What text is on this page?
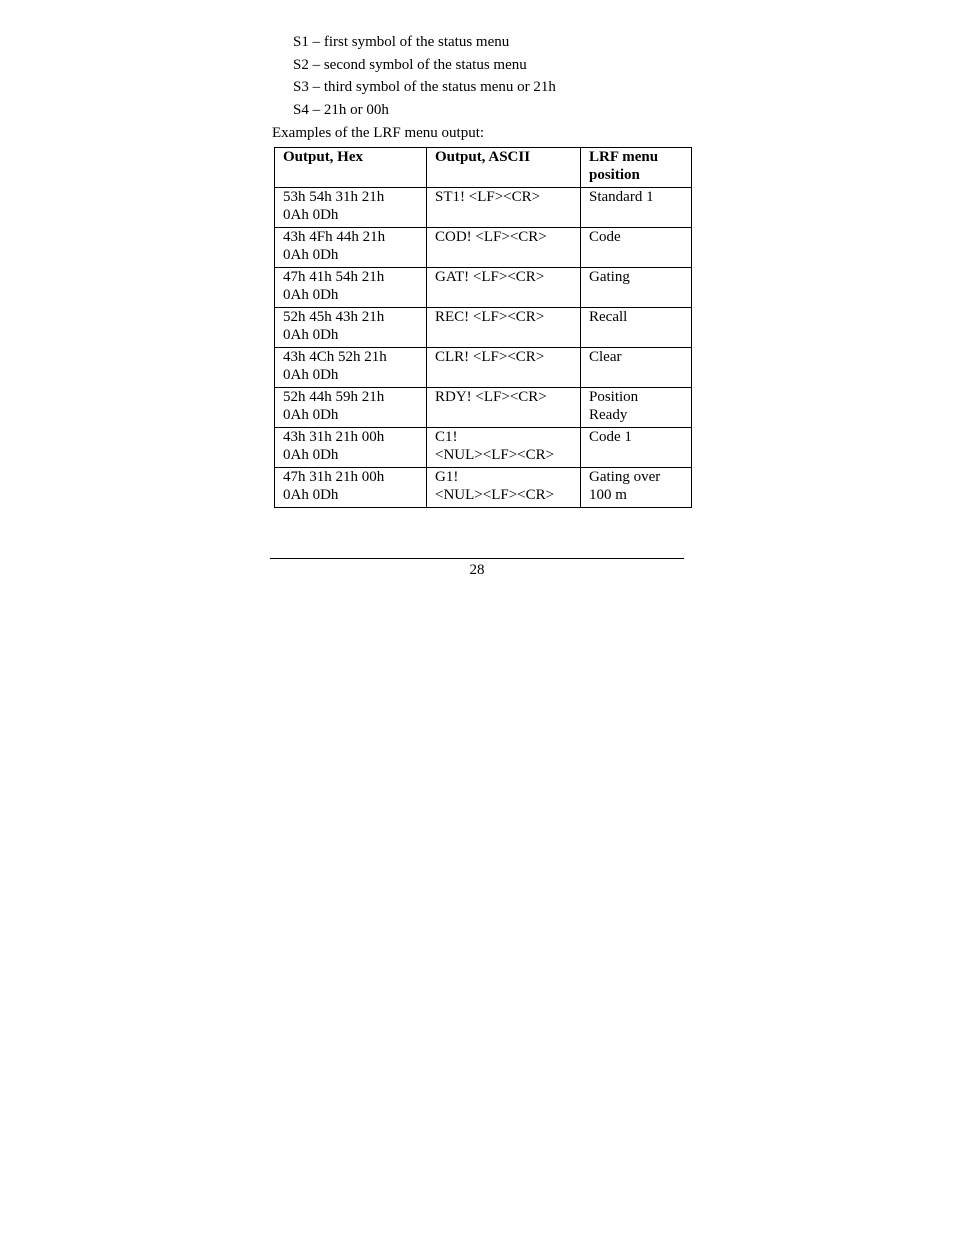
S1 – first symbol of the status menu
S2 – second symbol of the status menu
S3 – third symbol of the status menu or 21h
S4 – 21h or 00h

Examples of the LRF menu output:

Output, Hex	Output, ASCII	LRF menu
position

53h 54h 31h 21h
0Ah 0Dh	ST1! <LF><CR>	Standard 1

43h 4Fh 44h 21h
0Ah 0Dh	COD! <LF><CR>	Code

47h 41h 54h 21h
0Ah 0Dh	GAT! <LF><CR>	Gating

52h 45h 43h 21h
0Ah 0Dh	REC! <LF><CR>	Recall

43h 4Ch 52h 21h
0Ah 0Dh	CLR! <LF><CR>	Clear

52h 44h 59h 21h
0Ah 0Dh	RDY! <LF><CR>	Position
Ready

43h 31h 21h 00h
0Ah 0Dh	C1!
<NUL><LF><CR>	Code 1

47h 31h 21h 00h
0Ah 0Dh	G1!
<NUL><LF><CR>	Gating over
100 m
28
